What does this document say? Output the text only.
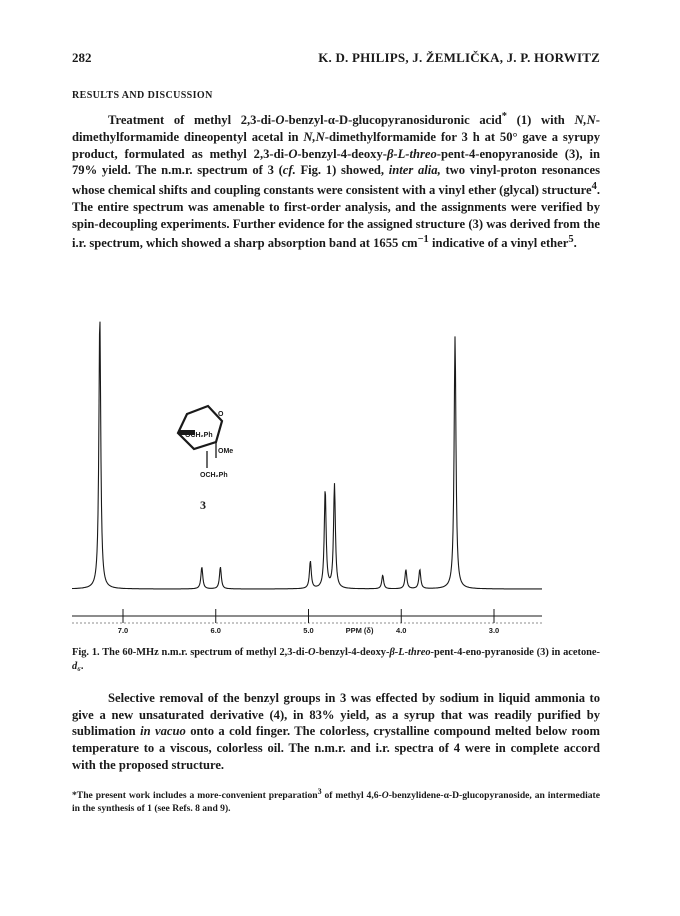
282	K. D. PHILIPS, J. ŽEMLIČKA, J. P. HORWITZ
RESULTS AND DISCUSSION
Treatment of methyl 2,3-di-O-benzyl-α-D-glucopyranosiduronic acid* (1) with N,N-dimethylformamide dineopentyl acetal in N,N-dimethylformamide for 3 h at 50° gave a syrupy product, formulated as methyl 2,3-di-O-benzyl-4-deoxy-β-L-threo-pent-4-enopyranoside (3), in 79% yield. The n.m.r. spectrum of 3 (cf. Fig. 1) showed, inter alia, two vinyl-proton resonances whose chemical shifts and coupling constants were consistent with a vinyl ether (glycal) structure$^4$. The entire spectrum was amenable to first-order analysis, and the assignments were verified by spin-decoupling experiments. Further evidence for the assigned structure (3) was derived from the i.r. spectrum, which showed a sharp absorption band at 1655 $cm^{-1}$ indicative of a vinyl ether$^5$.
O
OCH₂Ph
OMe
OCH₂Ph
3
7.0	6.0	5.0	PPM (δ)	4.0	3.0
Fig. 1. The 60-MHz n.m.r. spectrum of methyl 2,3-di-O-benzyl-4-deoxy-β-L-threo-pent-4-eno-pyranoside (3) in acetone-d₆.
Selective removal of the benzyl groups in 3 was effected by sodium in liquid ammonia to give a new unsaturated derivative (4), in 83% yield, as a syrup that was readily purified by sublimation in vacuo onto a cold finger. The colorless, crystalline compound melted below room temperature to a viscous, colorless oil. The n.m.r. and i.r. spectra of 4 were in complete accord with the proposed structure.
*The present work includes a more-convenient preparation$^3$ of methyl 4,6-O-benzylidene-α-D-glucopyranoside, an intermediate in the synthesis of 1 (see Refs. 8 and 9).
